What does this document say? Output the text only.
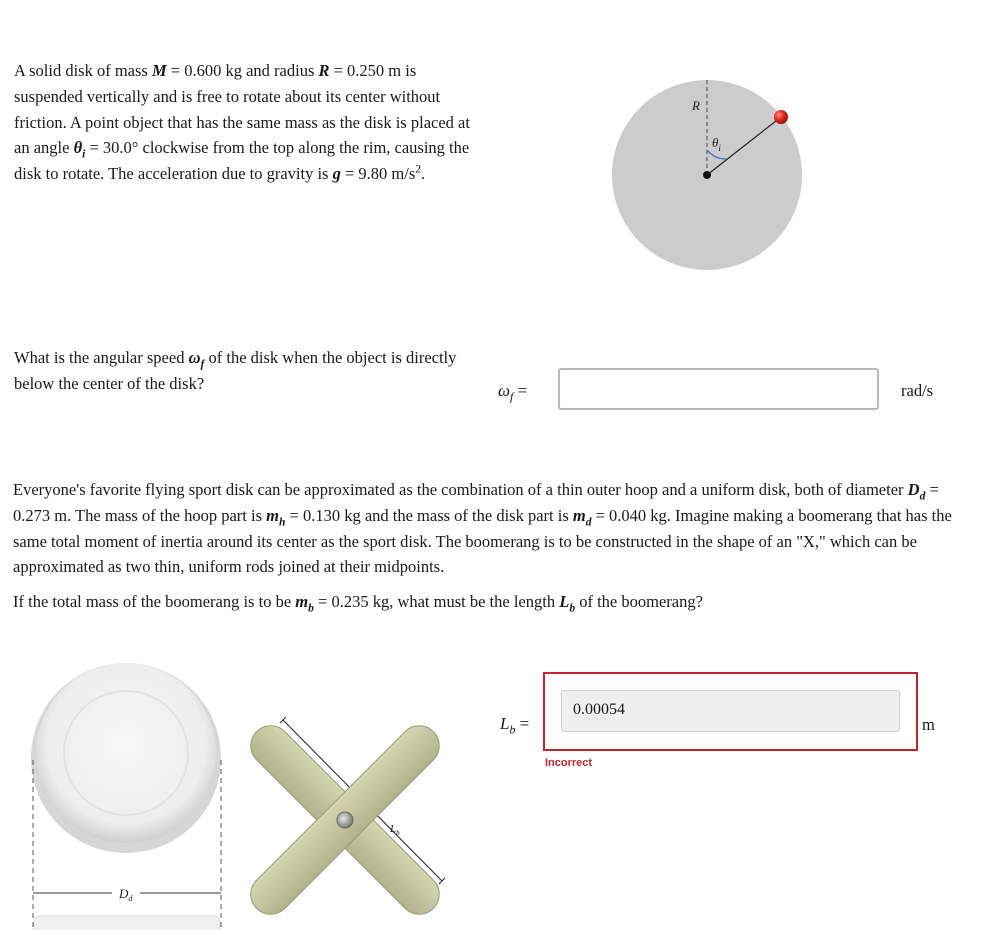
A solid disk of mass M = 0.600 kg and radius R = 0.250 m is suspended vertically and is free to rotate about its center without friction. A point object that has the same mass as the disk is placed at an angle $\theta_i = 30.0^\circ$ clockwise from the top along the rim, causing the disk to rotate. The acceleration due to gravity is g = 9.80 $m/s^2$.
R
$\theta_i$
What is the angular speed $\omega_f$ of the disk when the object is directly below the center of the disk?	$\omega_f$ =	rad/s
Everyone's favorite flying sport disk can be approximated as the combination of a thin outer hoop and a uniform disk, both of diameter $D_d = 0.273$ m. The mass of the hoop part is $m_h = 0.130$ kg and the mass of the disk part is $m_d = 0.040$ kg. Imagine making a boomerang that has the same total moment of inertia around its center as the sport disk. The boomerang is to be constructed in the shape of an "X," which can be approximated as two thin, uniform rods joined at their midpoints.
If the total mass of the boomerang is to be $m_b = 0.235$ kg, what must be the length $L_b$ of the boomerang?
$L_b$ =
0.00054
m
Incorrect
$D_d$
$L_b$
